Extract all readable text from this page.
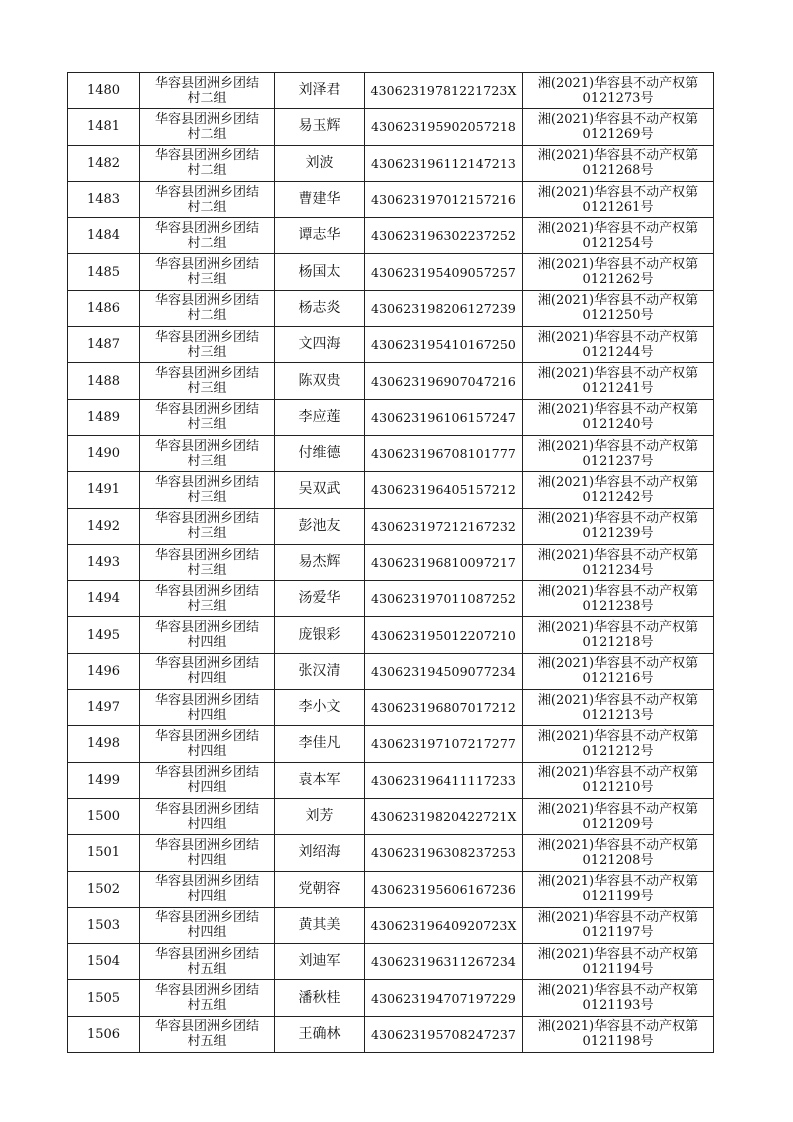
1480	华容县团洲乡团结
村二组	刘泽君	43062319781221723X	湘(2021)华容县不动产权第
0121273号

1481	华容县团洲乡团结
村二组	易玉辉	430623195902057218	湘(2021)华容县不动产权第
0121269号

1482	华容县团洲乡团结
村二组	刘波	430623196112147213	湘(2021)华容县不动产权第
0121268号

1483	华容县团洲乡团结
村二组	曹建华	430623197012157216	湘(2021)华容县不动产权第
0121261号

1484	华容县团洲乡团结
村二组	谭志华	430623196302237252	湘(2021)华容县不动产权第
0121254号

1485	华容县团洲乡团结
村三组	杨国太	430623195409057257	湘(2021)华容县不动产权第
0121262号

1486	华容县团洲乡团结
村二组	杨志炎	430623198206127239	湘(2021)华容县不动产权第
0121250号

1487	华容县团洲乡团结
村三组	文四海	430623195410167250	湘(2021)华容县不动产权第
0121244号

1488	华容县团洲乡团结
村三组	陈双贵	430623196907047216	湘(2021)华容县不动产权第
0121241号

1489	华容县团洲乡团结
村三组	李应莲	430623196106157247	湘(2021)华容县不动产权第
0121240号

1490	华容县团洲乡团结
村三组	付维德	430623196708101777	湘(2021)华容县不动产权第
0121237号

1491	华容县团洲乡团结
村三组	吴双武	430623196405157212	湘(2021)华容县不动产权第
0121242号

1492	华容县团洲乡团结
村三组	彭池友	430623197212167232	湘(2021)华容县不动产权第
0121239号

1493	华容县团洲乡团结
村三组	易杰辉	430623196810097217	湘(2021)华容县不动产权第
0121234号

1494	华容县团洲乡团结
村三组	汤爱华	430623197011087252	湘(2021)华容县不动产权第
0121238号

1495	华容县团洲乡团结
村四组	庞银彩	430623195012207210	湘(2021)华容县不动产权第
0121218号

1496	华容县团洲乡团结
村四组	张汉清	430623194509077234	湘(2021)华容县不动产权第
0121216号

1497	华容县团洲乡团结
村四组	李小文	430623196807017212	湘(2021)华容县不动产权第
0121213号

1498	华容县团洲乡团结
村四组	李佳凡	430623197107217277	湘(2021)华容县不动产权第
0121212号

1499	华容县团洲乡团结
村四组	袁本军	430623196411117233	湘(2021)华容县不动产权第
0121210号

1500	华容县团洲乡团结
村四组	刘芳	43062319820422721X	湘(2021)华容县不动产权第
0121209号

1501	华容县团洲乡团结
村四组	刘绍海	430623196308237253	湘(2021)华容县不动产权第
0121208号

1502	华容县团洲乡团结
村四组	党朝容	430623195606167236	湘(2021)华容县不动产权第
0121199号

1503	华容县团洲乡团结
村四组	黄其美	43062319640920723X	湘(2021)华容县不动产权第
0121197号

1504	华容县团洲乡团结
村五组	刘迪军	430623196311267234	湘(2021)华容县不动产权第
0121194号

1505	华容县团洲乡团结
村五组	潘秋桂	430623194707197229	湘(2021)华容县不动产权第
0121193号

1506	华容县团洲乡团结
村五组	王确林	430623195708247237	湘(2021)华容县不动产权第
0121198号
